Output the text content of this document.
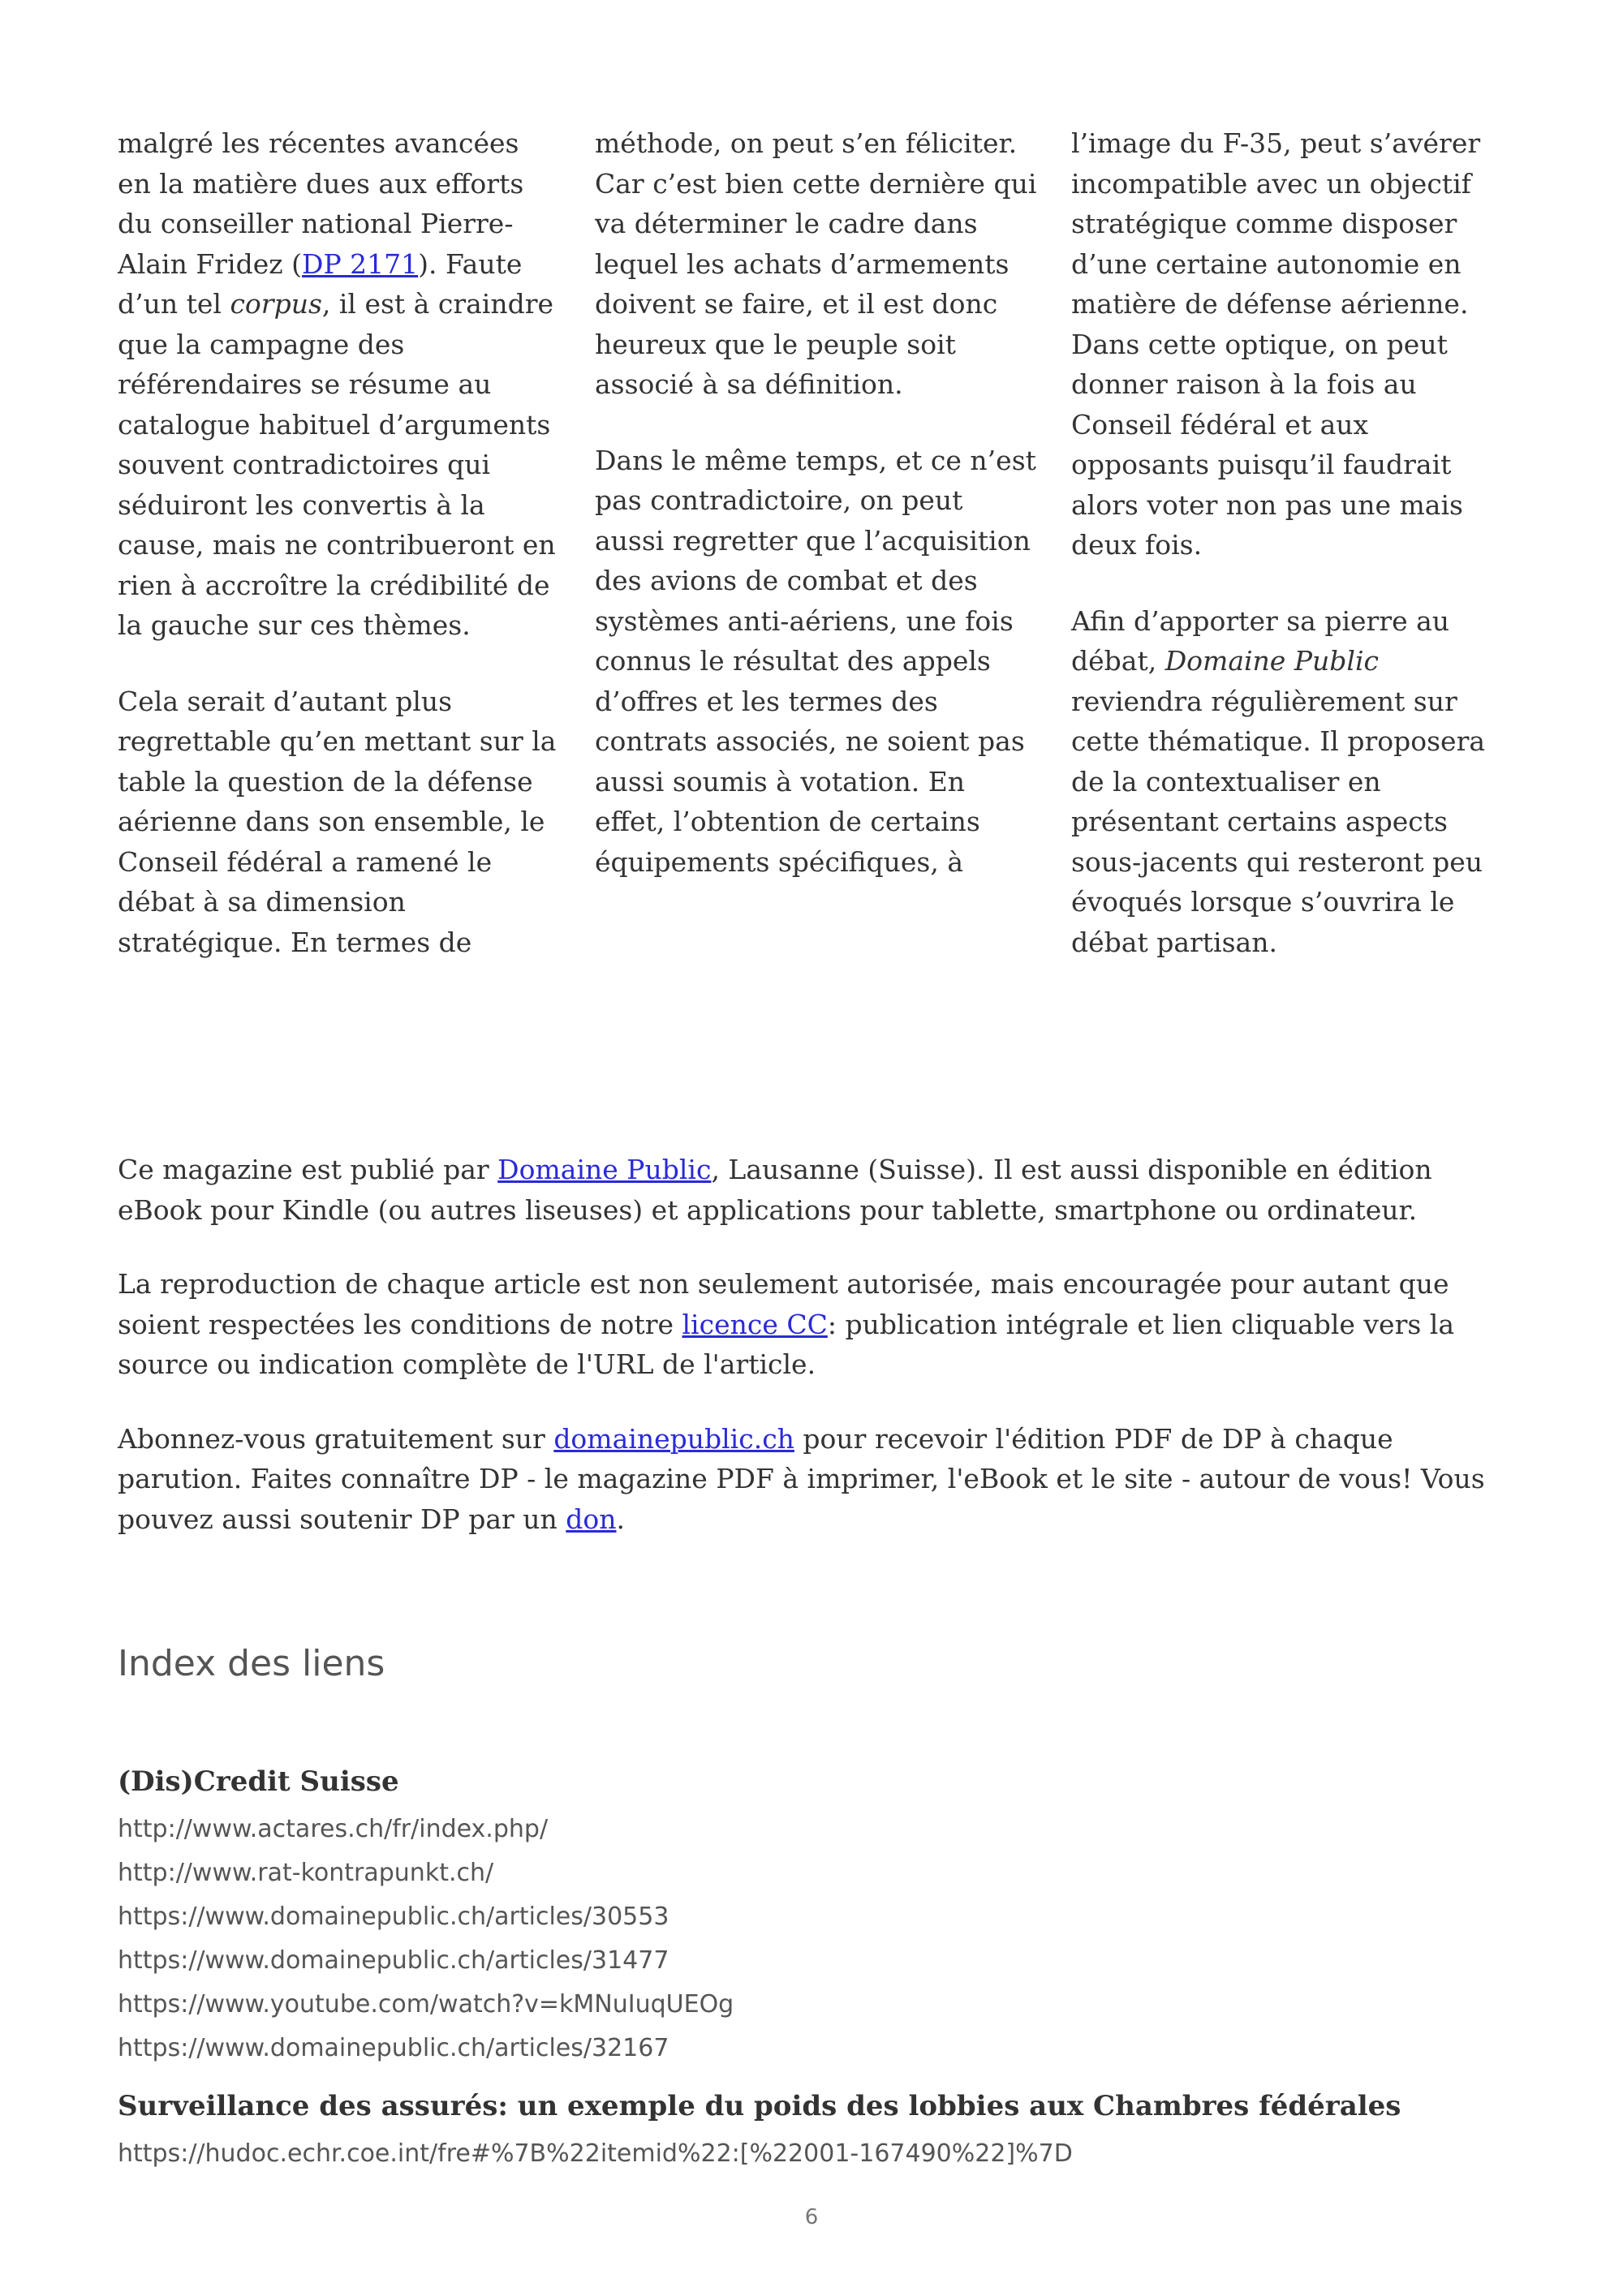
malgré les récentes avancées en la matière dues aux efforts du conseiller national Pierre-Alain Fridez (DP 2171). Faute d’un tel corpus, il est à craindre que la campagne des référendaires se résume au catalogue habituel d’arguments souvent contradictoires qui séduiront les convertis à la cause, mais ne contribueront en rien à accroître la crédibilité de la gauche sur ces thèmes.

Cela serait d’autant plus regrettable qu’en mettant sur la table la question de la défense aérienne dans son ensemble, le Conseil fédéral a ramené le débat à sa dimension stratégique. En termes de

méthode, on peut s’en féliciter. Car c’est bien cette dernière qui va déterminer le cadre dans lequel les achats d’armements doivent se faire, et il est donc heureux que le peuple soit associé à sa définition.

Dans le même temps, et ce n’est pas contradictoire, on peut aussi regretter que l’acquisition des avions de combat et des systèmes anti-aériens, une fois connus le résultat des appels d’offres et les termes des contrats associés, ne soient pas aussi soumis à votation. En effet, l’obtention de certains équipements spécifiques, à

l’image du F-35, peut s’avérer incompatible avec un objectif stratégique comme disposer d’une certaine autonomie en matière de défense aérienne. Dans cette optique, on peut donner raison à la fois au Conseil fédéral et aux opposants puisqu’il faudrait alors voter non pas une mais deux fois.

Afin d’apporter sa pierre au débat, Domaine Public reviendra régulièrement sur cette thématique. Il proposera de la contextualiser en présentant certains aspects sous-jacents qui resteront peu évoqués lorsque s’ouvrira le débat partisan.

Ce magazine est publié par Domaine Public, Lausanne (Suisse). Il est aussi disponible en édition eBook pour Kindle (ou autres liseuses) et applications pour tablette, smartphone ou ordinateur.

La reproduction de chaque article est non seulement autorisée, mais encouragée pour autant que soient respectées les conditions de notre licence CC: publication intégrale et lien cliquable vers la source ou indication complète de l'URL de l'article.

Abonnez-vous gratuitement sur domainepublic.ch pour recevoir l'édition PDF de DP à chaque parution. Faites connaître DP - le magazine PDF à imprimer, l'eBook et le site - autour de vous! Vous pouvez aussi soutenir DP par un don.

Index des liens

(Dis)Credit Suisse

http://www.actares.ch/fr/index.php/

http://www.rat-kontrapunkt.ch/

https://www.domainepublic.ch/articles/30553

https://www.domainepublic.ch/articles/31477

https://www.youtube.com/watch?v=kMNuIuqUEOg

https://www.domainepublic.ch/articles/32167

Surveillance des assurés: un exemple du poids des lobbies aux Chambres fédérales

https://hudoc.echr.coe.int/fre#%7B%22itemid%22:[%22001-167490%22]%7D

6
